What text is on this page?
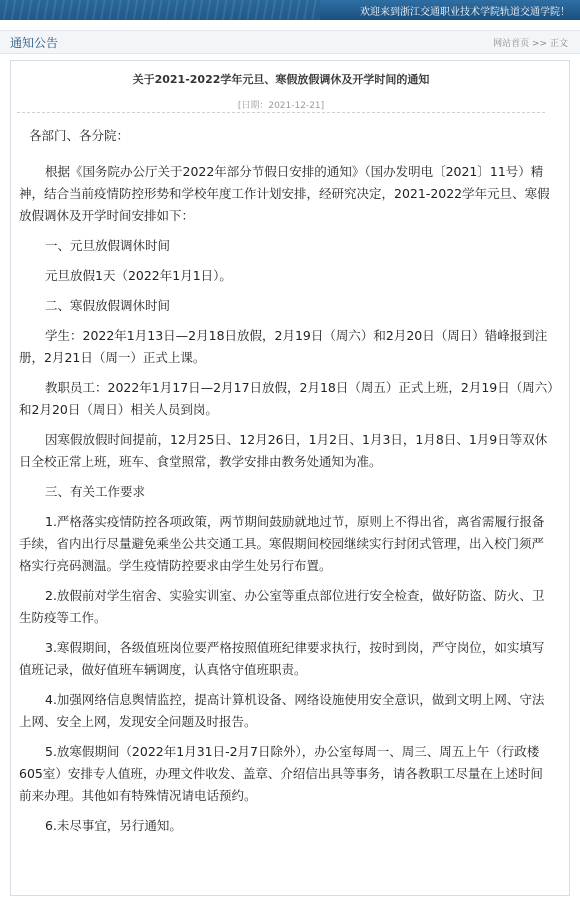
欢迎来到浙江交通职业技术学院轨道交通学院！
通知公告	网站首页 >> 正文
关于2021-2022学年元旦、寒假放假调休及开学时间的通知
[日期：2021-12-21]

各部门、各分院：

根据《国务院办公厅关于2022年部分节假日安排的通知》（国办发明电〔2021〕11号）精神，结合当前疫情防控形势和学校年度工作计划安排，经研究决定，2021-2022学年元旦、寒假放假调休及开学时间安排如下：

一、元旦放假调休时间

元旦放假1天（2022年1月1日）。

二、寒假放假调休时间

学生：2022年1月13日—2月18日放假，2月19日（周六）和2月20日（周日）错峰报到注册，2月21日（周一）正式上课。

教职员工：2022年1月17日—2月17日放假，2月18日（周五）正式上班，2月19日（周六）和2月20日（周日）相关人员到岗。

因寒假放假时间提前，12月25日、12月26日，1月2日、1月3日，1月8日、1月9日等双休日全校正常上班，班车、食堂照常，教学安排由教务处通知为准。

三、有关工作要求

1.严格落实疫情防控各项政策，两节期间鼓励就地过节，原则上不得出省，离省需履行报备手续，省内出行尽量避免乘坐公共交通工具。寒假期间校园继续实行封闭式管理，出入校门须严格实行亮码测温。学生疫情防控要求由学生处另行布置。

2.放假前对学生宿舍、实验实训室、办公室等重点部位进行安全检查，做好防盗、防火、卫生防疫等工作。

3.寒假期间，各级值班岗位要严格按照值班纪律要求执行，按时到岗，严守岗位，如实填写值班记录，做好值班车辆调度，认真恪守值班职责。

4.加强网络信息舆情监控，提高计算机设备、网络设施使用安全意识，做到文明上网、守法上网、安全上网，发现安全问题及时报告。

5.放寒假期间（2022年1月31日-2月7日除外），办公室每周一、周三、周五上午（行政楼605室）安排专人值班，办理文件收发、盖章、介绍信出具等事务，请各教职工尽量在上述时间前来办理。其他如有特殊情况请电话预约。

6.未尽事宜，另行通知。
